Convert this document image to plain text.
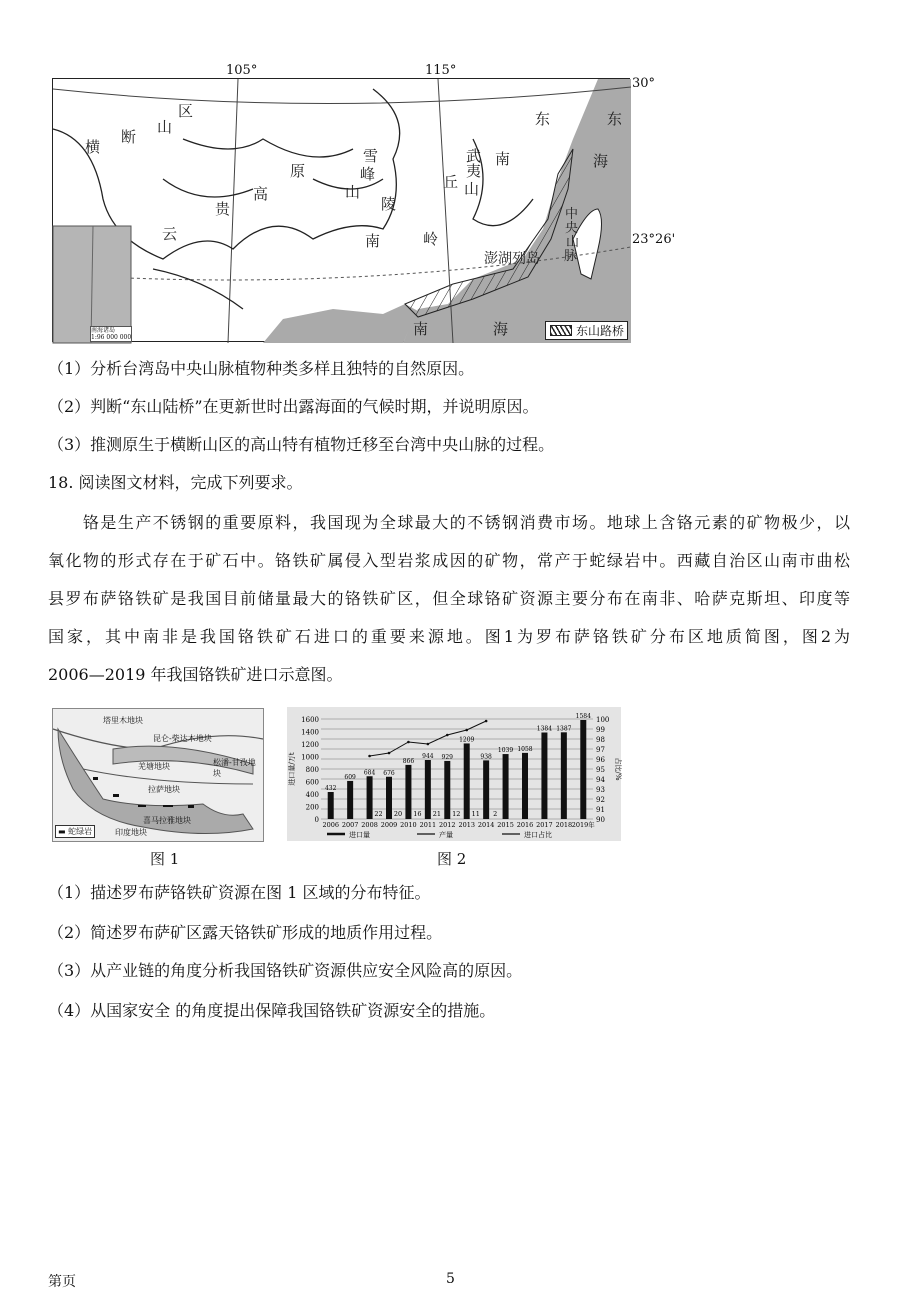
105°	115°
30°
23°26'
横
断
山
区
云
贵
高
原
雪
峰
山
陵
南	岭
丘
武
夷
山
南
东	东
海
中
央
山
脉
澎湖列岛
南	海	东山路桥
南海诸岛
1:96 000 000
（1）分析台湾岛中央山脉植物种类多样且独特的自然原因。
（2）判断“东山陆桥”在更新世时出露海面的气候时期，并说明原因。
（3）推测原生于横断山区的高山特有植物迁移至台湾中央山脉的过程。
18. 阅读图文材料，完成下列要求。
　　铬是生产不锈钢的重要原料，我国现为全球最大的不锈钢消费市场。地球上含铬元素的矿物极少，以
氧化物的形式存在于矿石中。铬铁矿属侵入型岩浆成因的矿物，常产于蛇绿岩中。西藏自治区山南市曲松
县罗布萨铬铁矿是我国目前储量最大的铬铁矿区，但全球铬矿资源主要分布在南非、哈萨克斯坦、印度等
国家，其中南非是我国铬铁矿石进口的重要来源地。图1为罗布萨铬铁矿分布区地质简图，图2为
2006—2019 年我国铬铁矿进口示意图。
塔里木地块
昆仑-柴达木地块
羌塘地块	松潘-甘孜地块
拉萨地块
喜马拉雅地块
印度地块
▬ 蛇绿岩
图 1
90
91
92
93
94
95
96
97
98
99
100
0
200
400
600
800
1000
1200
1400
1600
进口量/万t	占比/%
432
2006
609
2007
684
2008
676
2009
866
2010
944
2011
929
2012
1209
2013
938
2014
1039
2015
1058
2016
1384
2017
1387
2018
1584
2019年
22 20 16 21 12 11 2
进口量	产量	进口占比
图 2
（1）描述罗布萨铬铁矿资源在图 1 区域的分布特征。
（2）简述罗布萨矿区露天铬铁矿形成的地质作用过程。
（3）从产业链的角度分析我国铬铁矿资源供应安全风险高的原因。
（4）从国家安全 的角度提出保障我国铬铁矿资源安全的措施。
第页	5
